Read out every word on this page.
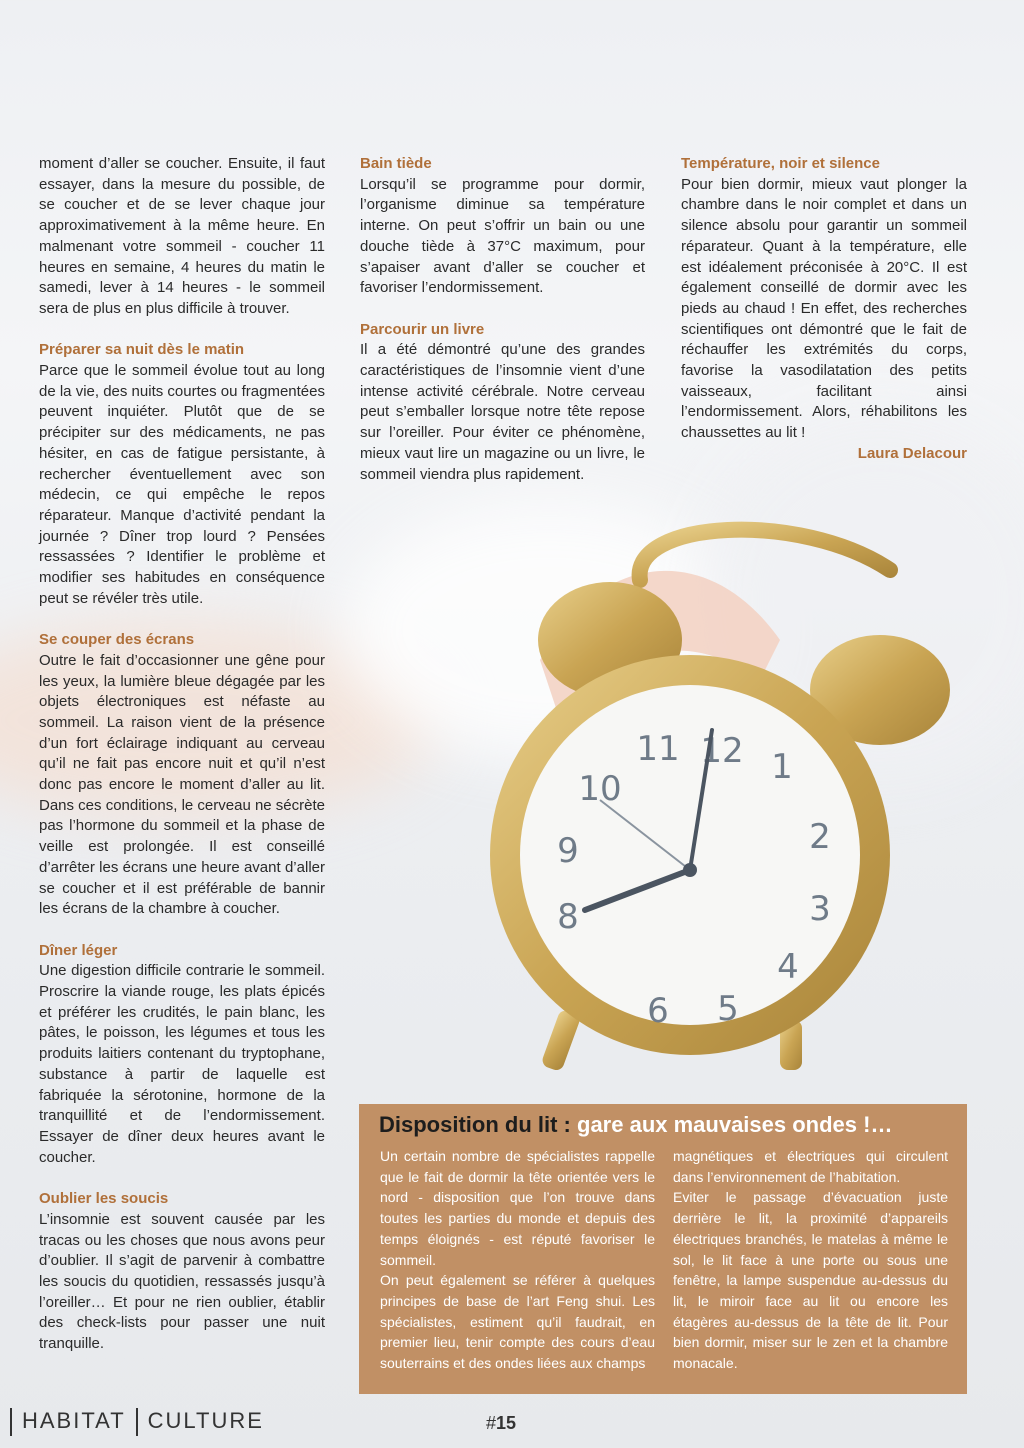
moment d’aller se coucher. Ensuite, il faut essayer, dans la mesure du possible, de se coucher et de se lever chaque jour approximativement à la même heure. En malmenant votre sommeil - coucher 11 heures en semaine, 4 heures du matin le samedi, lever à 14 heures - le sommeil sera de plus en plus difficile à trouver.

Préparer sa nuit dès le matin

Parce que le sommeil évolue tout au long de la vie, des nuits courtes ou fragmentées peuvent inquiéter. Plutôt que de se précipiter sur des médicaments, ne pas hésiter, en cas de fatigue persistante, à rechercher éventuellement avec son médecin, ce qui empêche le repos réparateur. Manque d’activité pendant la journée ? Dîner trop lourd ? Pensées ressassées ? Identifier le problème et modifier ses habitudes en conséquence peut se révéler très utile.

Se couper des écrans

Outre le fait d’occasionner une gêne pour les yeux, la lumière bleue dégagée par les objets électroniques est néfaste au sommeil. La raison vient de la présence d’un fort éclairage indiquant au cerveau qu’il ne fait pas encore nuit et qu’il n’est donc pas encore le moment d’aller au lit. Dans ces conditions, le cerveau ne sécrète pas l’hormone du sommeil et la phase de veille est prolongée. Il est conseillé d’arrêter les écrans une heure avant d’aller se coucher et il est préférable de bannir les écrans de la chambre à coucher.

Dîner léger

Une digestion difficile contrarie le sommeil. Proscrire la viande rouge, les plats épicés et préférer les crudités, le pain blanc, les pâtes, le poisson, les légumes et tous les produits laitiers contenant du tryptophane, substance à partir de laquelle est fabriquée la sérotonine, hormone de la tranquillité et de l’endormissement. Essayer de dîner deux heures avant le coucher.

Oublier les soucis

L’insomnie est souvent causée par les tracas ou les choses que nous avons peur d’oublier. Il s’agit de parvenir à combattre les soucis du quotidien, ressassés jusqu’à l’oreiller… Et pour ne rien oublier, établir des check-lists pour passer une nuit tranquille.

Bain tiède

Lorsqu’il se programme pour dormir, l’organisme diminue sa température interne. On peut s’offrir un bain ou une douche tiède à 37°C maximum, pour s’apaiser avant d’aller se coucher et favoriser l’endormissement.

Parcourir un livre

Il a été démontré qu’une des grandes caractéristiques de l’insomnie vient d’une intense activité cérébrale. Notre cerveau peut s’emballer lorsque notre tête repose sur l’oreiller. Pour éviter ce phénomène, mieux vaut lire un magazine ou un livre, le sommeil viendra plus rapidement.

Température, noir et silence

Pour bien dormir, mieux vaut plonger la chambre dans le noir complet et dans un silence absolu pour garantir un sommeil réparateur. Quant à la température, elle est idéalement préconisée à 20°C. Il est également conseillé de dormir avec les pieds au chaud ! En effet, des recherches scientifiques ont démontré que le fait de réchauffer les extrémités du corps, favorise la vasodilatation des petits vaisseaux, facilitant ainsi l’endormissement. Alors, réhabilitons les chaussettes au lit !

Laura Delacour

12 1
2
3
4
5
6
8
9
10
11
Disposition du lit : gare aux mauvaises ondes !…

Un certain nombre de spécialistes rappelle que le fait de dormir la tête orientée vers le nord - disposition que l’on trouve dans toutes les parties du monde et depuis des temps éloignés - est réputé favoriser le sommeil.

On peut également se référer à quelques principes de base de l’art Feng shui. Les spécialistes, estiment qu’il faudrait, en premier lieu, tenir compte des cours d’eau souterrains et des ondes liées aux champs

magnétiques et électriques qui circulent dans l’environnement de l’habitation.

Eviter le passage d’évacuation juste derrière le lit, la proximité d’appareils électriques branchés, le matelas à même le sol, le lit face à une porte ou sous une fenêtre, la lampe suspendue au-dessus du lit, le miroir face au lit ou encore les étagères au-dessus de la tête de lit. Pour bien dormir, miser sur le zen et la chambre monacale.

HABITAT CULTURE	#15
